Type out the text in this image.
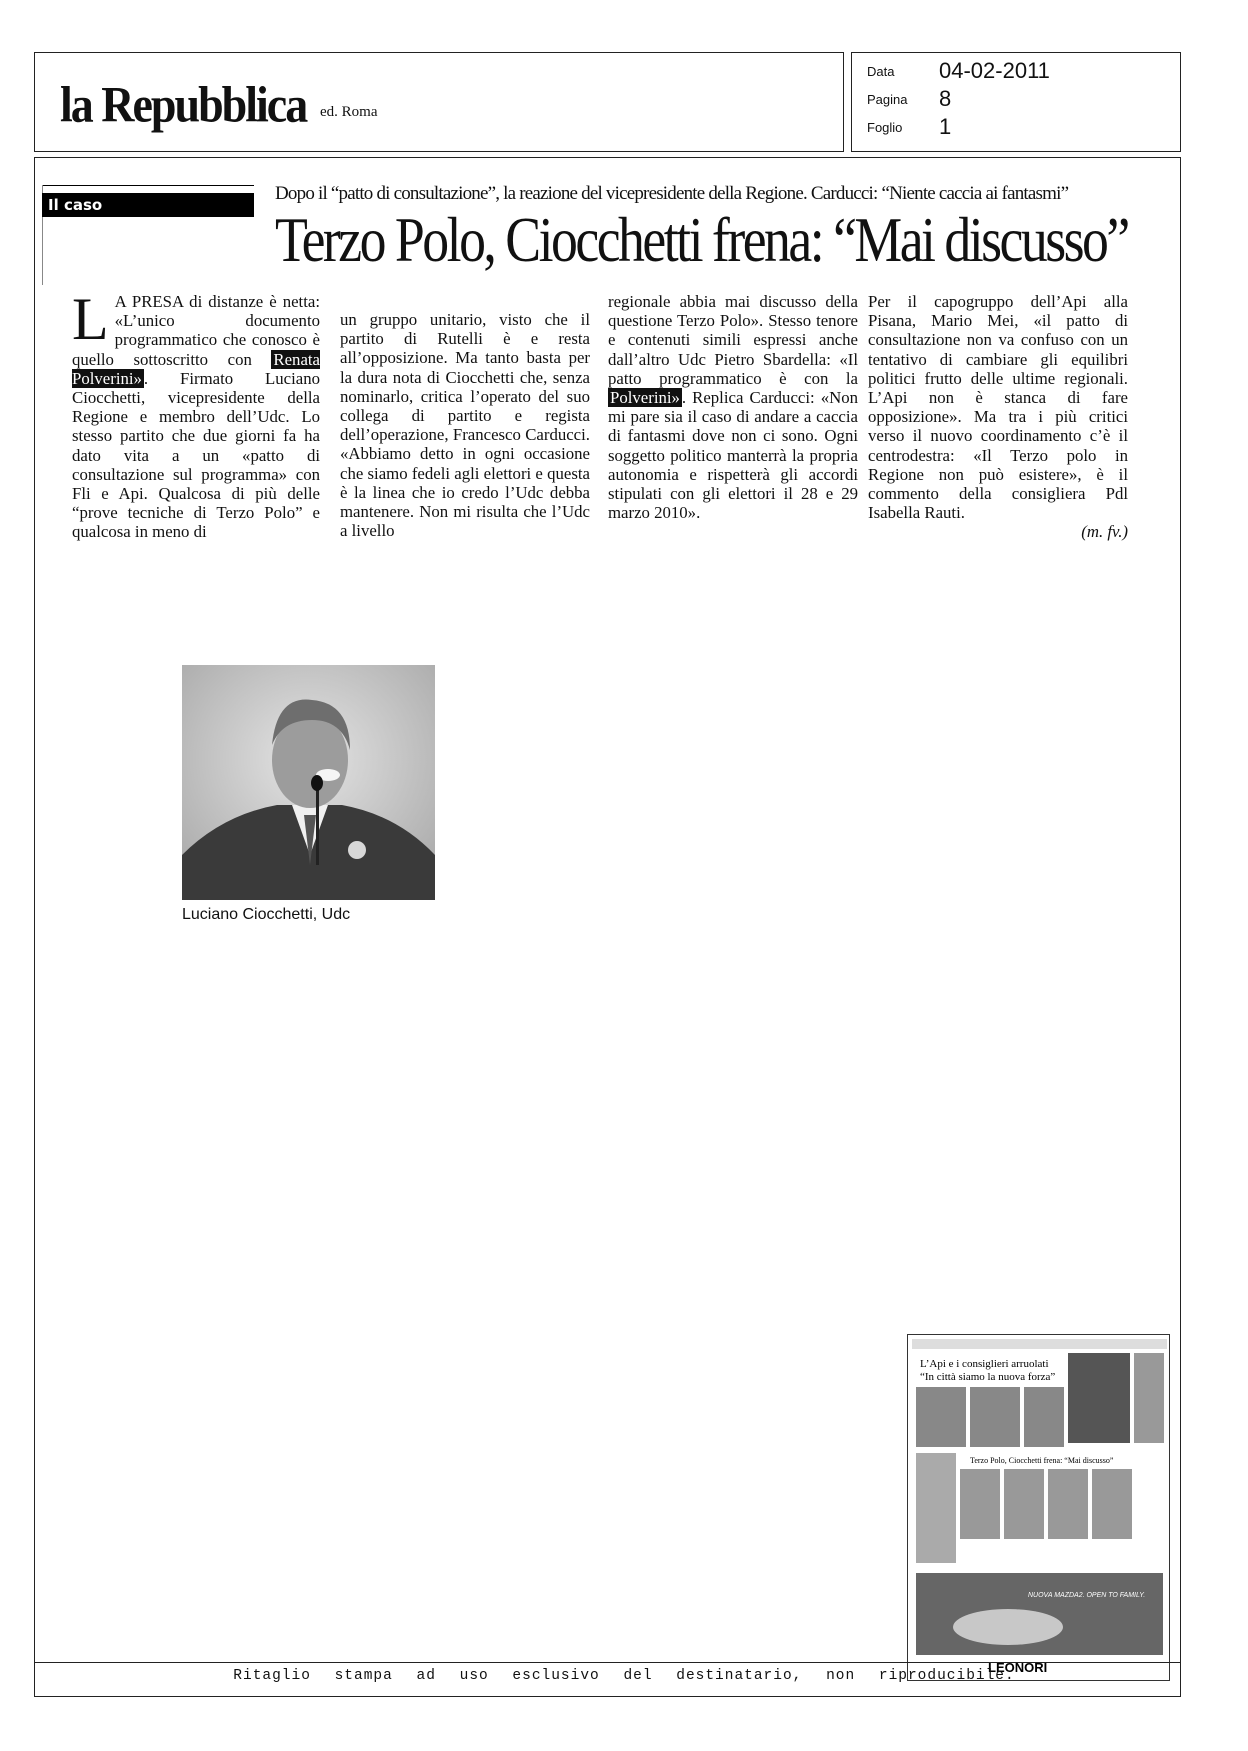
la Repubblica ed. Roma
Data 04-02-2011
Pagina 8
Foglio 1
Il caso
Dopo il “patto di consultazione”, la reazione del vicepresidente della Regione. Carducci: “Niente caccia ai fantasmi”
Terzo Polo, Ciocchetti frena: “Mai discusso”
L A PRESA di distanze è netta: «L’unico documento programmatico che conosco è quello sottoscritto con Renata Polverini» . Firmato Luciano Ciocchetti, vicepresidente della Regione e membro dell’Udc. Lo stesso partito che due giorni fa ha dato vita a un «patto di consultazione sul programma» con Fli e Api. Qualcosa di più delle “prove tecniche di Terzo Polo” e qualcosa in meno di
un gruppo unitario, visto che il partito di Rutelli è e resta all’opposizione. Ma tanto basta per la dura nota di Ciocchetti che, senza nominarlo, critica l’operato del suo collega di partito e regista dell’operazione, Francesco Carducci. «Abbiamo detto in ogni occasione che siamo fedeli agli elettori e questa è la linea che io credo l’Udc debba mantenere. Non mi risulta che l’Udc a livello
regionale abbia mai discusso della questione Terzo Polo». Stesso tenore e contenuti simili espressi anche dall’altro Udc Pietro Sbardella: «Il patto programmatico è con la Polverini» . Replica Carducci: «Non mi pare sia il caso di andare a caccia di fantasmi dove non ci sono. Ogni soggetto politico manterrà la propria autonomia e rispetterà gli accordi stipulati con gli elettori il 28 e 29 marzo 2010».
Per il capogruppo dell’Api alla Pisana, Mario Mei, «il patto di consultazione non va confuso con un tentativo di cambiare gli equilibri politici frutto delle ultime regionali. L’Api non è stanca di fare opposizione». Ma tra i più critici verso il nuovo coordinamento c’è il centrodestra: «Il Terzo polo in Regione non può esistere», è il commento della consigliera Pdl Isabella Rauti.
(m. fv.)
Luciano Ciocchetti, Udc
L’Api e i consiglieri arruolati
“In città siamo la nuova forza”
Terzo Polo, Ciocchetti frena: “Mai discusso”
NUOVA MAZDA2. OPEN TO FAMILY.
LEONORI
Ritaglio stampa ad uso esclusivo del destinatario, non riproducibile.
